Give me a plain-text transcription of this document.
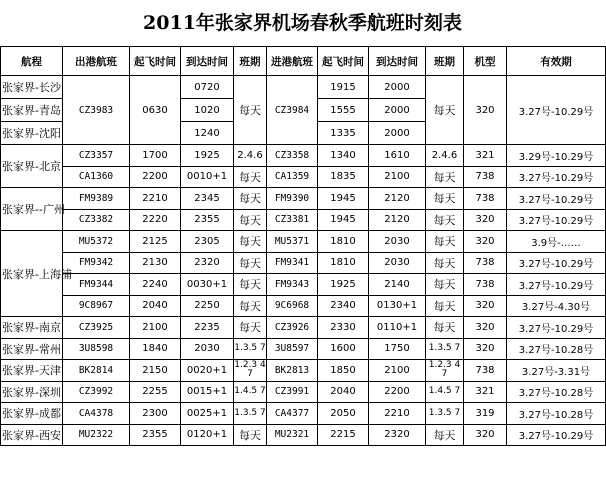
2011年张家界机场春秋季航班时刻表
航程	出港航班	起飞时间	到达时间	班期	进港航班	起飞时间	到达时间	班期	机型	有效期
张家界-长沙	CZ3983	0630	0720	每天	CZ3984	1915	2000	每天	320	3.27号-10.29号
张家界-青岛			1020			1555	2000			
张家界-沈阳			1240			1335	2000			
张家界-北京	CZ3357	1700	1925	2.4.6	CZ3358	1340	1610	2.4.6	321	3.29号-10.29号
	CA1360	2200	0010+1	每天	CA1359	1835	2100	每天	738	3.27号-10.29号
张家界--广州	FM9389	2210	2345	每天	FM9390	1945	2120	每天	738	3.27号-10.29号
	CZ3382	2220	2355	每天	CZ3381	1945	2120	每天	320	3.27号-10.29号
张家界-上海浦	MU5372	2125	2305	每天	MU5371	1810	2030	每天	320	3.9号-……
	FM9342	2130	2320	每天	FM9341	1810	2030	每天	738	3.27号-10.29号
	FM9344	2240	0030+1	每天	FM9343	1925	2140	每天	738	3.27号-10.29号
	9C8967	2040	2250	每天	9C6968	2340	0130+1	每天	320	3.27号-4.30号
张家界-南京	CZ3925	2100	2235	每天	CZ3926	2330	0110+1	每天	320	3.27号-10.29号
张家界-常州	3U8598	1840	2030	1.3.5 7	3U8597	1600	1750	1.3.5 7	320	3.27号-10.28号
张家界-天津	BK2814	2150	0020+1	1.2.3 4 7	BK2813	1850	2100	1.2.3 4 7	738	3.27号-3.31号
张家界-深圳	CZ3992	2255	0015+1	1.4.5 7	CZ3991	2040	2200	1.4.5 7	321	3.27号-10.28号
张家界-成都	CA4378	2300	0025+1	1.3.5 7	CA4377	2050	2210	1.3.5 7	319	3.27号-10.28号
张家界-西安	MU2322	2355	0120+1	每天	MU2321	2215	2320	每天	320	3.27号-10.29号
